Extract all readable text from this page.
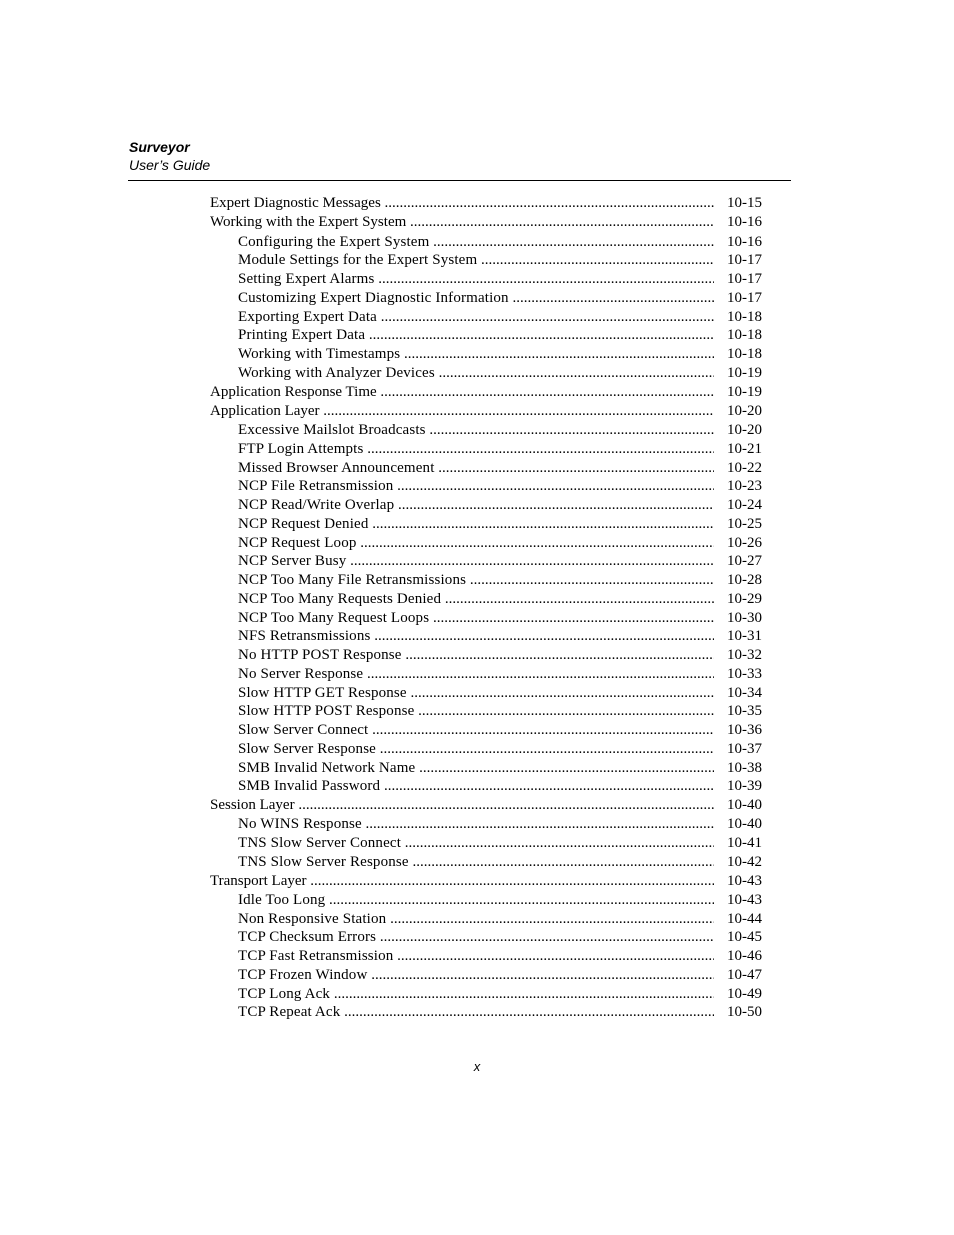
Surveyor
User’s Guide
Expert Diagnostic Messages .....	10-15
Working with the Expert System .....	10-16
Configuring the Expert System .....	10-16
Module Settings for the Expert System .....	10-17
Setting Expert Alarms .....	10-17
Customizing Expert Diagnostic Information .....	10-17
Exporting Expert Data .....	10-18
Printing Expert Data .....	10-18
Working with Timestamps .....	10-18
Working with Analyzer Devices .....	10-19
Application Response Time .....	10-19
Application Layer .....	10-20
Excessive Mailslot Broadcasts .....	10-20
FTP Login Attempts .....	10-21
Missed Browser Announcement .....	10-22
NCP File Retransmission .....	10-23
NCP Read/Write Overlap .....	10-24
NCP Request Denied .....	10-25
NCP Request Loop .....	10-26
NCP Server Busy .....	10-27
NCP Too Many File Retransmissions .....	10-28
NCP Too Many Requests Denied .....	10-29
NCP Too Many Request Loops .....	10-30
NFS Retransmissions .....	10-31
No HTTP POST Response .....	10-32
No Server Response .....	10-33
Slow HTTP GET Response .....	10-34
Slow HTTP POST Response .....	10-35
Slow Server Connect .....	10-36
Slow Server Response .....	10-37
SMB Invalid Network Name .....	10-38
SMB Invalid Password .....	10-39
Session Layer .....	10-40
No WINS Response .....	10-40
TNS Slow Server Connect .....	10-41
TNS Slow Server Response .....	10-42
Transport Layer .....	10-43
Idle Too Long .....	10-43
Non Responsive Station .....	10-44
TCP Checksum Errors .....	10-45
TCP Fast Retransmission .....	10-46
TCP Frozen Window .....	10-47
TCP Long Ack .....	10-49
TCP Repeat Ack .....	10-50
x
